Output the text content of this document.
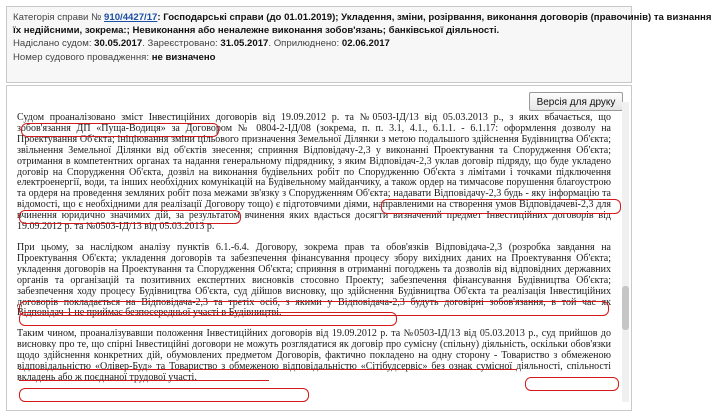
Категорія справи № 910/4427/17: Господарські справи (до 01.01.2019); Укладення, зміни, розірвання, виконання договорів (правочинів) та визнання
їх недійсними, зокрема:; Невиконання або неналежне виконання зобов'язань; банківської діяльності.
Надіслано судом: 30.05.2017. Зареєстровано: 31.05.2017. Оприлюднено: 02.06.2017
Номер судового провадження: не визначено
Версія для друку

Судом проаналізовано зміст Інвестиційних договорів від 19.09.2012 р. та №0503-ІД/13 від 05.03.2013 р., з яких вбачається, що зобов'язання ДП «Пуща-Водиця» за Договором № 0804-2-ІД/08 (зокрема, п. п. 3.1, 4.1., 6.1.1. - 6.1.17: оформлення дозволу на Проектування Об'єкта; ініціювання зміни цільового призначення Земельної Ділянки з метою подальшого здійснення Будівництва Об'єкта; звільнення Земельної Ділянки від об'єктів знесення; сприяння Відповідачу-2,3 у виконанні Проектування та Спорудження Об'єкта; отримання в компетентних органах та надання генеральному підряднику, з яким Відповідач-2,3 уклав договір підряду, що буде укладено договір на Спорудження Об'єкта, дозвіл на виконання будівельних робіт по Спорудженню Об'єкта з лімітами і точками підключення електроенергії, води, та інших необхідних комунікацій на Будівельному майданчику, а також ордер на тимчасове порушення благоустрою та ордеря на проведення земляних робіт поза межами зв'язку з Спорудженням Об'єкта; надавати Відповідачу-2,3 будь - яку інформацію та відомості, що є необхідними для реалізації Договору тощо) є підготовчими діями, направленими на створення умов Відповідачеві-2,3 для вчинення юридично значимих дій, за результатом вчинення яких вдасться досягти визначений предмет Інвестиційних договорів від 19.09.2012 р. та №0503-ІД/13 від 05.03.2013 р.

При цьому, за наслідком аналізу пунктів 6.1.-6.4. Договору, зокрема прав та обов'язків Відповідача-2,3 (розробка завдання на Проектування Об'єкта; укладення договорів та забезпечення фінансування процесу збору вихідних даних на Проектування Об'єкта; укладення договорів на Проектування та Спорудження Об'єкта; сприяння в отриманні погоджень та дозволів від відповідних державних органів та організацій та позитивних експертних висновків стосовно Проекту; забезпечення фінансування Будівництва Об'єкта; забезпечення ходу процесу Будівництва Об'єкта, суд дійшов висновку, що здійснення Будівництва Об'єкта та реалізація Інвестиційних договорів покладається на Відповідача-2,3 та третіх осіб, з якими у Відповідача-2,3 будуть договірні зобов'язання, в той час як Відповідач-1 не приймає безпосередньої участі в Будівництві.

Таким чином, проаналізувавши положення Інвестиційних договорів від 19.09.2012 р. та №0503-ІД/13 від 05.03.2013 р., суд прийшов до висновку про те, що спірні Інвестиційні договори не можуть розглядатися як договір про сумісну (спільну) діяльність, оскільки обов'язки щодо здійснення конкретних дій, обумовлених предметом Договорів, фактично покладено на одну сторону - Товариство з обмеженою відповідальністю «Олівер-Буд» та Товариство з обмеженою відповідальністю «Сітібудсервіс» без ознак сумісної діяльності, спільності вкладень або ж поєднаної трудової участі.
